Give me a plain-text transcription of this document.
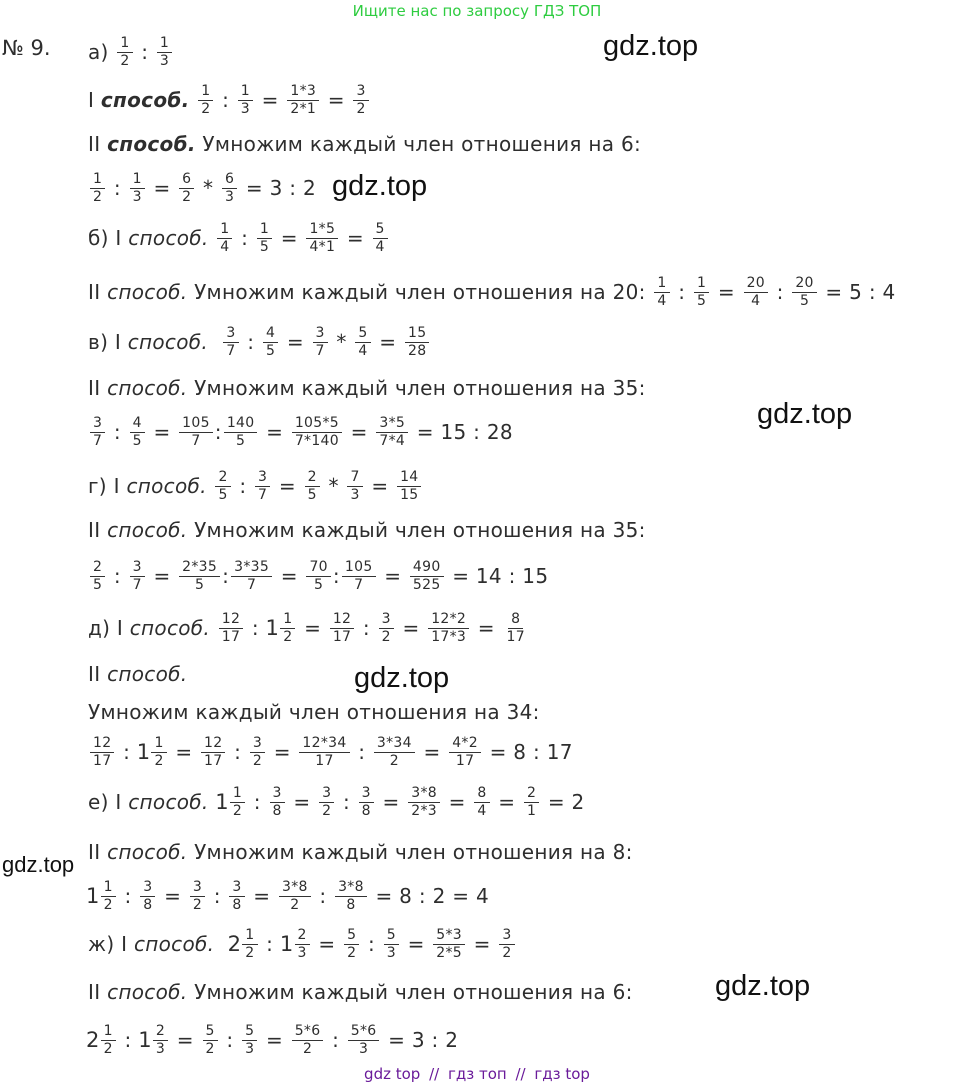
Ищите нас по запросу ГДЗ ТОП
№ 9. $а) \frac{1}{2}$ : $\frac{1}{3}$
I способ.
$\frac{1}{2}$ : $\frac{1}{3} = \frac{1*3}{2*1} = \frac{3}{2}$
II способ. Умножим каждый член отношения на 6:
$\frac{1}{2}$ : $\frac{1}{3} = \frac{6}{2} * \frac{6}{3} = 3$ : 2
б) I способ.
$\frac{1}{4}$ : $\frac{1}{5} = \frac{1*5}{4*1} = \frac{5}{4}$
II способ. Умножим каждый член отношения на 20: $\frac{1}{4}$ : $\frac{1}{5} = \frac{20}{4}$ : $\frac{20}{5} = 5$ : 4
в) I способ.
$\frac{3}{7}$ : $\frac{4}{5} = \frac{3}{7} * \frac{5}{4} = \frac{15}{28}$
II способ. Умножим каждый член отношения на 35:
$\frac{3}{7}$ : $\frac{4}{5} = \frac{105}{7}$ : $\frac{140}{5} = \frac{105*5}{7*140} = \frac{3*5}{7*4} = 15$ : 28
г) I способ.
$\frac{2}{5}$ : $\frac{3}{7} = \frac{2}{5} * \frac{7}{3} = \frac{14}{15}$
II способ. Умножим каждый член отношения на 35:
$\frac{2}{5}$ : $\frac{3}{7} = \frac{2*35}{5}$ : $\frac{3*35}{7} = \frac{70}{5}$ : $\frac{105}{7} = \frac{490}{525} = 14$ : 15
д) I способ.
$\frac{12}{17}$ : $1 \frac{1}{2} = \frac{12}{17}$ : $\frac{3}{2} = \frac{12*2}{17*3} = \frac{8}{17}$
II способ.
Умножим каждый член отношения на 34:
$\frac{12}{17}$ : $1 \frac{1}{2} = \frac{12}{17}$ : $\frac{3}{2} = \frac{12*34}{17}$ : $\frac{3*34}{2} = \frac{4*2}{17} = 8$ : 17
е) I способ.
$1 \frac{1}{2}$ : $\frac{3}{8} = \frac{3}{2}$ : $\frac{3}{8} = \frac{3*8}{2*3} = \frac{8}{4} = \frac{2}{1} = 2$
II способ. Умножим каждый член отношения на 8:
$1 \frac{1}{2}$ : $\frac{3}{8} = \frac{3}{2}$ : $\frac{3}{8} = \frac{3*8}{2}$ : $\frac{3*8}{8} = 8$ : 2 = 4
ж) I способ.
$2 \frac{1}{2}$ : $1 \frac{2}{3} = \frac{5}{2}$ : $\frac{5}{3} = \frac{5*3}{2*5} = \frac{3}{2}$
II способ. Умножим каждый член отношения на 6:
$2 \frac{1}{2}$ : $1 \frac{2}{3} = \frac{5}{2}$ : $\frac{5}{3} = \frac{5*6}{2}$ : $\frac{5*6}{3} = 3$ : 2
gdz.top
gdz.top
gdz.top
gdz.top
gdz.top
gdz.top
gdz top // гдз топ // гдз top
